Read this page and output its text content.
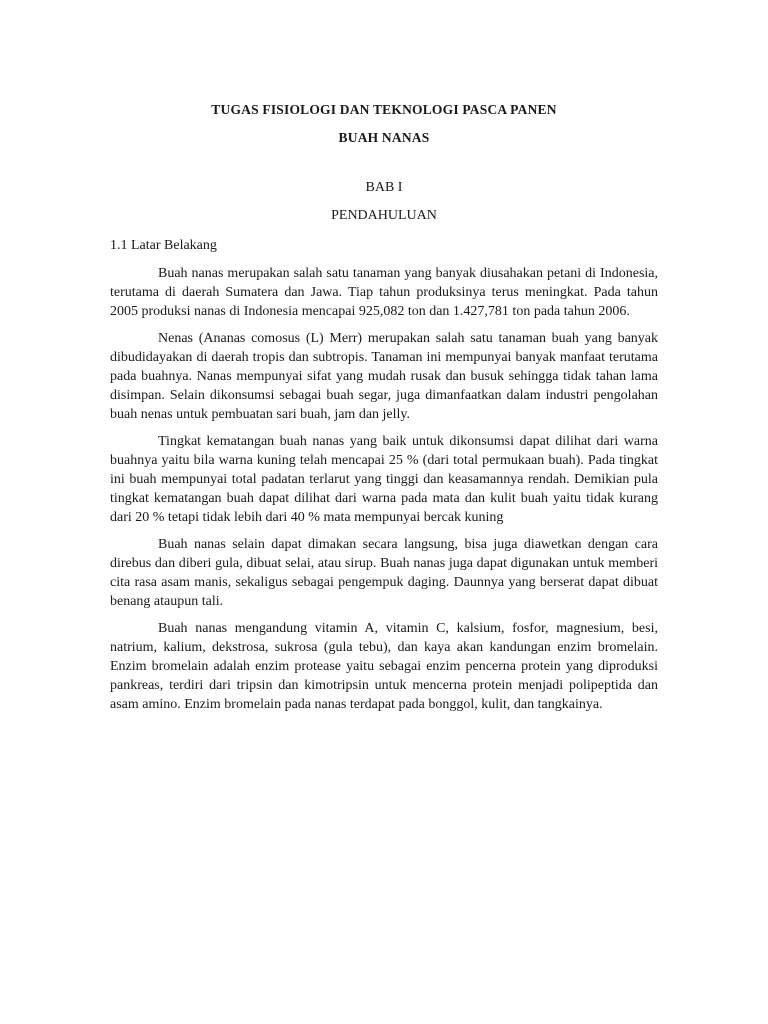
TUGAS FISIOLOGI DAN TEKNOLOGI PASCA PANEN
BUAH NANAS
BAB I
PENDAHULUAN
1.1 Latar Belakang

Buah nanas merupakan salah satu tanaman yang banyak diusahakan petani di Indonesia, terutama di daerah Sumatera dan Jawa. Tiap tahun produksinya terus meningkat. Pada tahun 2005 produksi nanas di Indonesia mencapai 925,082 ton dan 1.427,781 ton pada tahun 2006.

Nenas (Ananas comosus (L) Merr) merupakan salah satu tanaman buah yang banyak dibudidayakan di daerah tropis dan subtropis. Tanaman ini mempunyai banyak manfaat terutama pada buahnya. Nanas mempunyai sifat yang mudah rusak dan busuk sehingga tidak tahan lama disimpan. Selain dikonsumsi sebagai buah segar, juga dimanfaatkan dalam industri pengolahan buah nenas untuk pembuatan sari buah, jam dan jelly.

Tingkat kematangan buah nanas yang baik untuk dikonsumsi dapat dilihat dari warna buahnya yaitu bila warna kuning telah mencapai 25 % (dari total permukaan buah). Pada tingkat ini buah mempunyai total padatan terlarut yang tinggi dan keasamannya rendah. Demikian pula tingkat kematangan buah dapat dilihat dari warna pada mata dan kulit buah yaitu tidak kurang dari 20 % tetapi tidak lebih dari 40 % mata mempunyai bercak kuning

Buah nanas selain dapat dimakan secara langsung, bisa juga diawetkan dengan cara direbus dan diberi gula, dibuat selai, atau sirup. Buah nanas juga dapat digunakan untuk memberi cita rasa asam manis, sekaligus sebagai pengempuk daging. Daunnya yang berserat dapat dibuat benang ataupun tali.

Buah nanas mengandung vitamin A, vitamin C, kalsium, fosfor, magnesium, besi, natrium, kalium, dekstrosa, sukrosa (gula tebu), dan kaya akan kandungan enzim bromelain. Enzim bromelain adalah enzim protease yaitu sebagai enzim pencerna protein yang diproduksi pankreas, terdiri dari tripsin dan kimotripsin untuk mencerna protein menjadi polipeptida dan asam amino. Enzim bromelain pada nanas terdapat pada bonggol, kulit, dan tangkainya.
